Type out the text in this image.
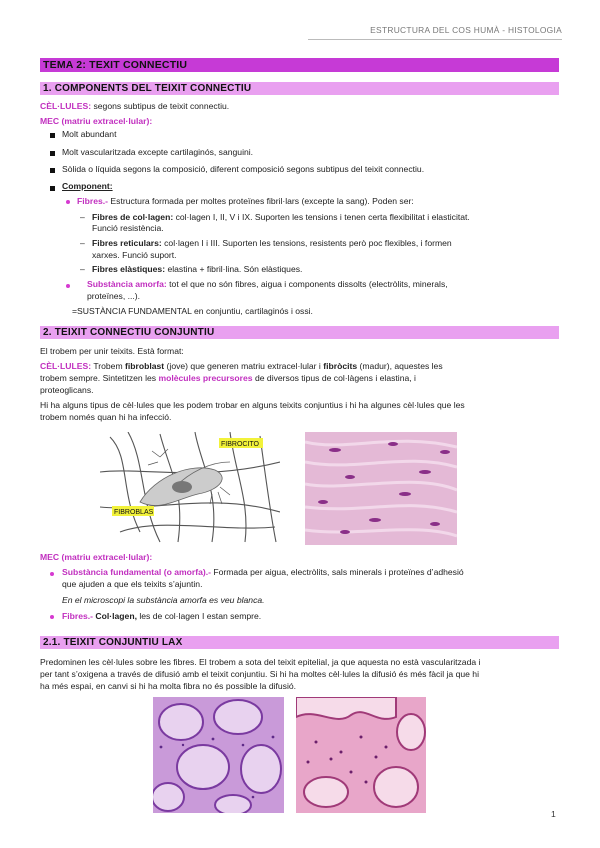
ESTRUCTURA DEL COS HUMÀ - HISTOLOGIA
TEMA 2: TEXIT CONNECTIU
1. COMPONENTS DEL TEIXIT CONNECTIU
CÈL·LULES: segons subtipus de teixit connectiu.
MEC (matriu extracel·lular):
Molt abundant
Molt vascularitzada excepte cartilaginós, sanguini.
Sòlida o líquida segons la composició, diferent composició segons subtipus del teixit connectiu.
Component:
Fibres.- Estructura formada per moltes proteïnes fibril·lars (excepte la sang). Poden ser:
– Fibres de col·lagen: col·lagen I, II, V i IX. Suporten les tensions i tenen certa flexibilitat i elasticitat.
Funció resistència.
– Fibres reticulars: col·lagen I i III. Suporten les tensions, resistents però poc flexibles, i formen
xarxes. Funció suport.
– Fibres elàstiques: elastina + fibril·lina. Són elàstiques.
Substància amorfa: tot el que no són fibres, aigua i components dissolts (electròlits, minerals,
proteïnes, ...).
=SUSTÀNCIA FUNDAMENTAL en conjuntiu, cartilaginós i ossi.
2. TEIXIT CONNECTIU CONJUNTIU
El trobem per unir teixits. Està format:
CÈL·LULES: Trobem fibroblast (jove) que generen matriu extracel·lular i fibròcits (madur), aquestes les
trobem sempre. Sintetitzen les molècules precursores de diversos tipus de col·làgens i elastina, i
proteoglicans.
Hi ha alguns tipus de cèl·lules que les podem trobar en alguns teixits conjuntius i hi ha algunes cèl·lules que les
trobem només quan hi ha infecció.
FIBROCITO
FIBROBLAS
MEC (matriu extracel·lular):
Substància fundamental (o amorfa).- Formada per aigua, electròlits, sals minerals i proteïnes d’adhesió
que ajuden a que els teixits s’ajuntin.
En el microscopi la substància amorfa es veu blanca.
Fibres.- Col·lagen, les de col·lagen I estan sempre.
2.1. TEIXIT CONJUNTIU LAX
Predominen les cèl·lules sobre les fibres. El trobem a sota del teixit epitelial, ja que aquesta no està vascularitzada i
per tant s’oxigena a través de difusió amb el teixit conjuntiu. Si hi ha moltes cèl·lules la difusió és més fàcil ja que hi
ha més espai, en canvi si hi ha molta fibra no és possible la difusió.
1
